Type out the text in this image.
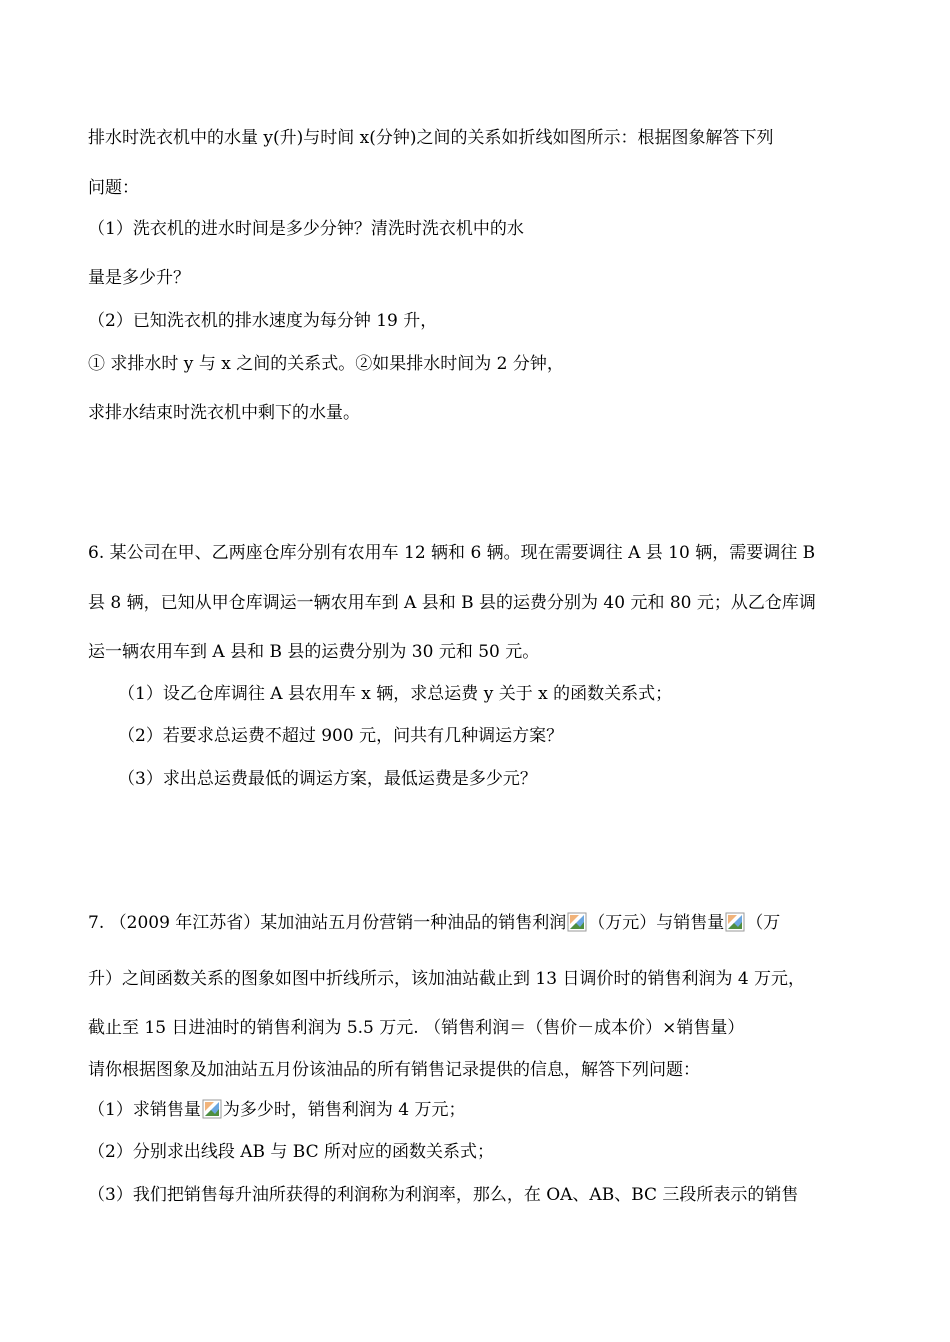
排水时洗衣机中的水量 y(升)与时间 x(分钟)之间的关系如折线如图所示：根据图象解答下列
问题：
（1）洗衣机的进水时间是多少分钟？清洗时洗衣机中的水
量是多少升？
（2）已知洗衣机的排水速度为每分钟 19 升，
① 求排水时 y 与 x 之间的关系式。②如果排水时间为 2 分钟，
求排水结束时洗衣机中剩下的水量。
6. 某公司在甲、乙两座仓库分别有农用车 12 辆和 6 辆。现在需要调往 A 县 10 辆，需要调往 B
县 8 辆，已知从甲仓库调运一辆农用车到 A 县和 B 县的运费分别为 40 元和 80 元；从乙仓库调
运一辆农用车到 A 县和 B 县的运费分别为 30 元和 50 元。
（1）设乙仓库调往 A 县农用车 x 辆，求总运费 y 关于 x 的函数关系式；
（2）若要求总运费不超过 900 元，问共有几种调运方案？
（3）求出总运费最低的调运方案，最低运费是多少元？
7. （2009 年江苏省）某加油站五月份营销一种油品的销售利润 （万元）与销售量 （万
升）之间函数关系的图象如图中折线所示，该加油站截止到 13 日调价时的销售利润为 4 万元，
截止至 15 日进油时的销售利润为 5.5 万元. （销售利润＝（售价－成本价）×销售量）
请你根据图象及加油站五月份该油品的所有销售记录提供的信息，解答下列问题：
（1）求销售量 为多少时，销售利润为 4 万元；
（2）分别求出线段 AB 与 BC 所对应的函数关系式；
（3）我们把销售每升油所获得的利润称为利润率，那么，在 OA、AB、BC 三段所表示的销售
